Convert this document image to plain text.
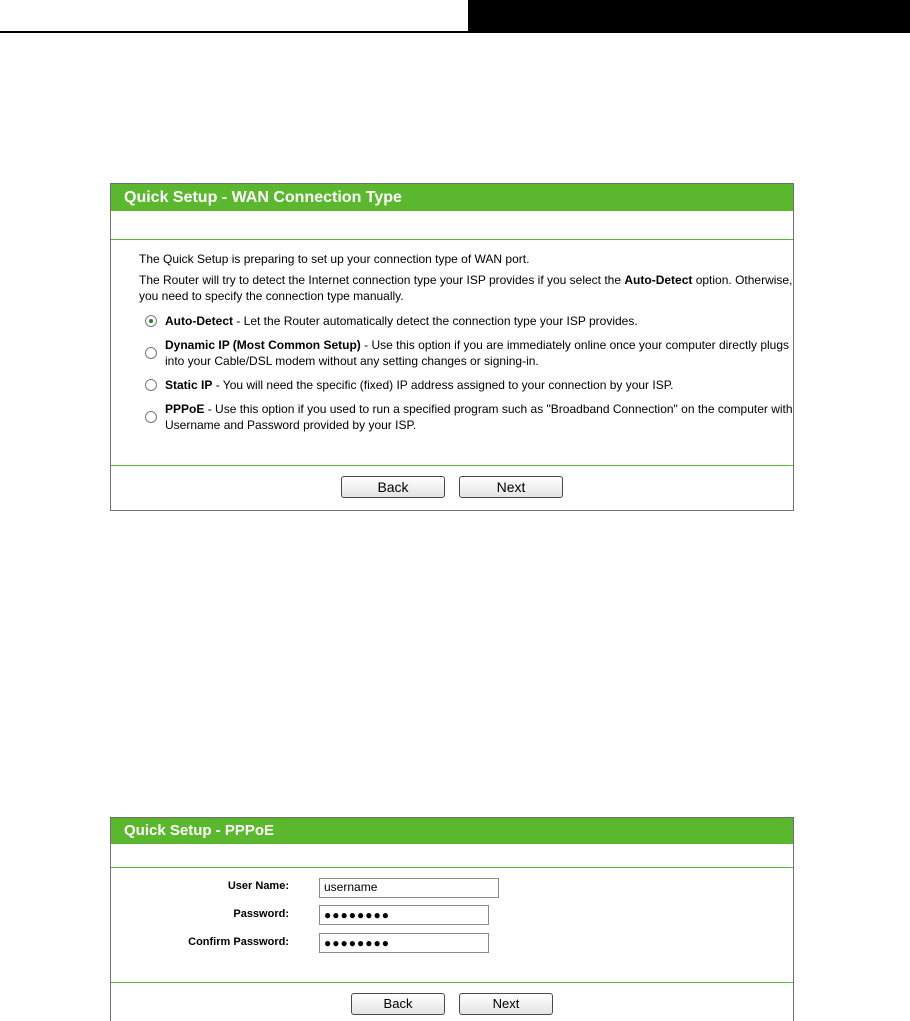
Quick Setup - WAN Connection Type

The Quick Setup is preparing to set up your connection type of WAN port.

The Router will try to detect the Internet connection type your ISP provides if you select the Auto-Detect option. Otherwise, you need to specify the connection type manually.

Auto-Detect - Let the Router automatically detect the connection type your ISP provides.
Dynamic IP (Most Common Setup) - Use this option if you are immediately online once your computer directly plugs into your Cable/DSL modem without any setting changes or signing-in.
Static IP - You will need the specific (fixed) IP address assigned to your connection by your ISP.
PPPoE - Use this option if you used to run a specified program such as "Broadband Connection" on the computer with Username and Password provided by your ISP.
Back	Next
Quick Setup - PPPoE
User Name:	username
Password:	●●●●●●●●
Confirm Password:	●●●●●●●●
Back	Next
